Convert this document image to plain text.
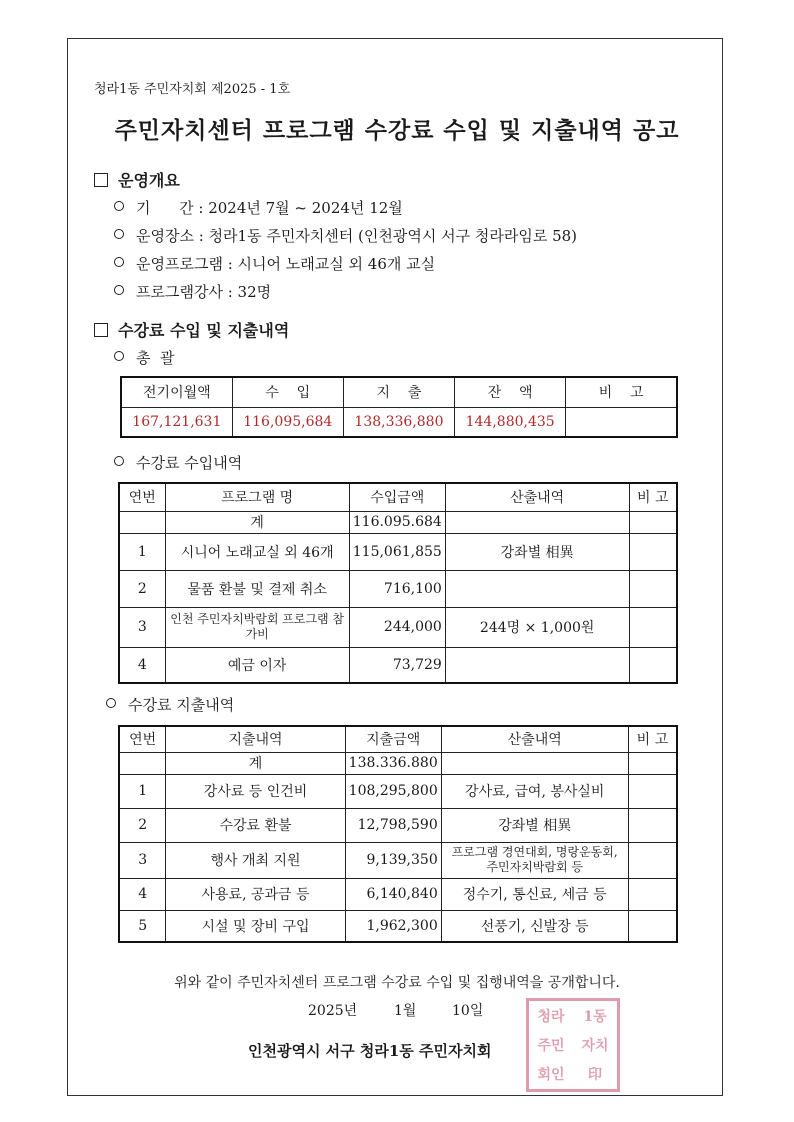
청라1동 주민자치회 제2025 - 1호
주민자치센터 프로그램 수강료 수입 및 지출내역 공고
운영개요
기      간 : 2024년 7월 ~ 2024년 12월
운영장소 : 청라1동 주민자치센터 (인천광역시 서구 청라라임로 58)
운영프로그램 : 시니어 노래교실 외 46개 교실
프로그램강사 : 32명
수강료 수입 및 지출내역
총  괄
전기이월액	수    입	지    출	잔    액	비    고
167,121,631	116,095,684	138,336,880	144,880,435	
수강료 수입내역
연번	프로그램 명	수입금액	산출내역	비 고
	계	116.095.684		
1	시니어 노래교실 외 46개	115,061,855	강좌별 相異	
2	물품 환불 및 결제 취소	716,100		
3	인천 주민자치박람회 프로그램 참가비	244,000	244명 × 1,000원	
4	예금 이자	73,729		
수강료 지출내역
연번	지출내역	지출금액	산출내역	비 고
	계	138.336.880		
1	강사료 등 인건비	108,295,800	강사료, 급여, 봉사실비	
2	수강료 환불	12,798,590	강좌별 相異	
3	행사 개최 지원	9,139,350	프로그램 경연대회, 명랑운동회, 주민자치박람회 등	
4	사용료, 공과금 등	6,140,840	정수기, 통신료, 세금 등	
5	시설 및 장비 구입	1,962,300	선풍기, 신발장 등	
위와 같이 주민자치센터 프로그램 수강료 수입 및 집행내역을 공개합니다.
2025년	1월	10일	청라	1동
주민	자치
회인	印
인천광역시 서구 청라1동 주민자치회
